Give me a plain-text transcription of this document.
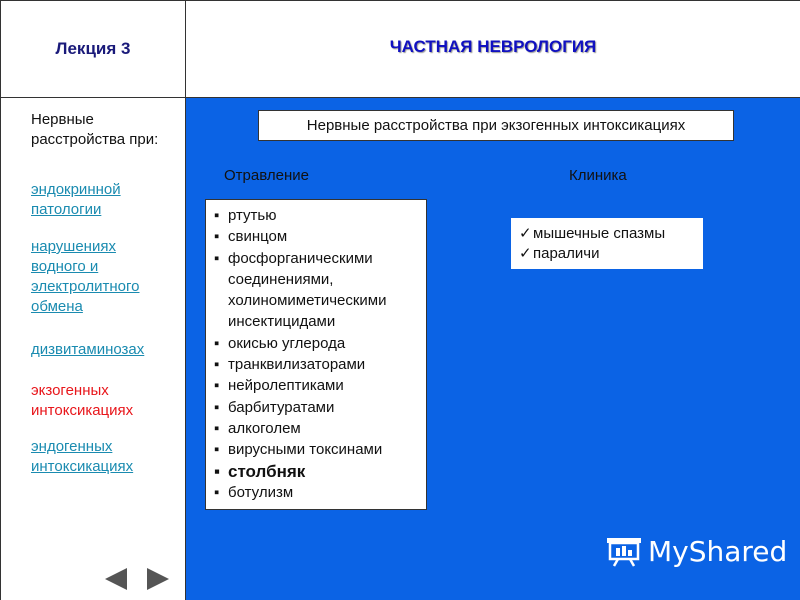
Лекция 3	ЧАСТНАЯ НЕВРОЛОГИЯ
Нервные расстройства при:
эндокринной патологии
нарушениях водного и электролитного обмена
дизвитаминозах
экзогенных интоксикациях
эндогенных интоксикациях
Нервные расстройства при экзогенных интоксикациях
Отравление	Клиника
▪ ртутью
▪ свинцом
▪ фосфорганическими
соединениями,
холиномиметическими
инсектицидами
▪ окисью углерода
▪ транквилизаторами
▪ нейролептиками
▪ барбитуратами
▪ алкоголем
▪ вирусными токсинами
▪ столбняк
▪ ботулизм
✓мышечные спазмы
✓параличи
MyShared
